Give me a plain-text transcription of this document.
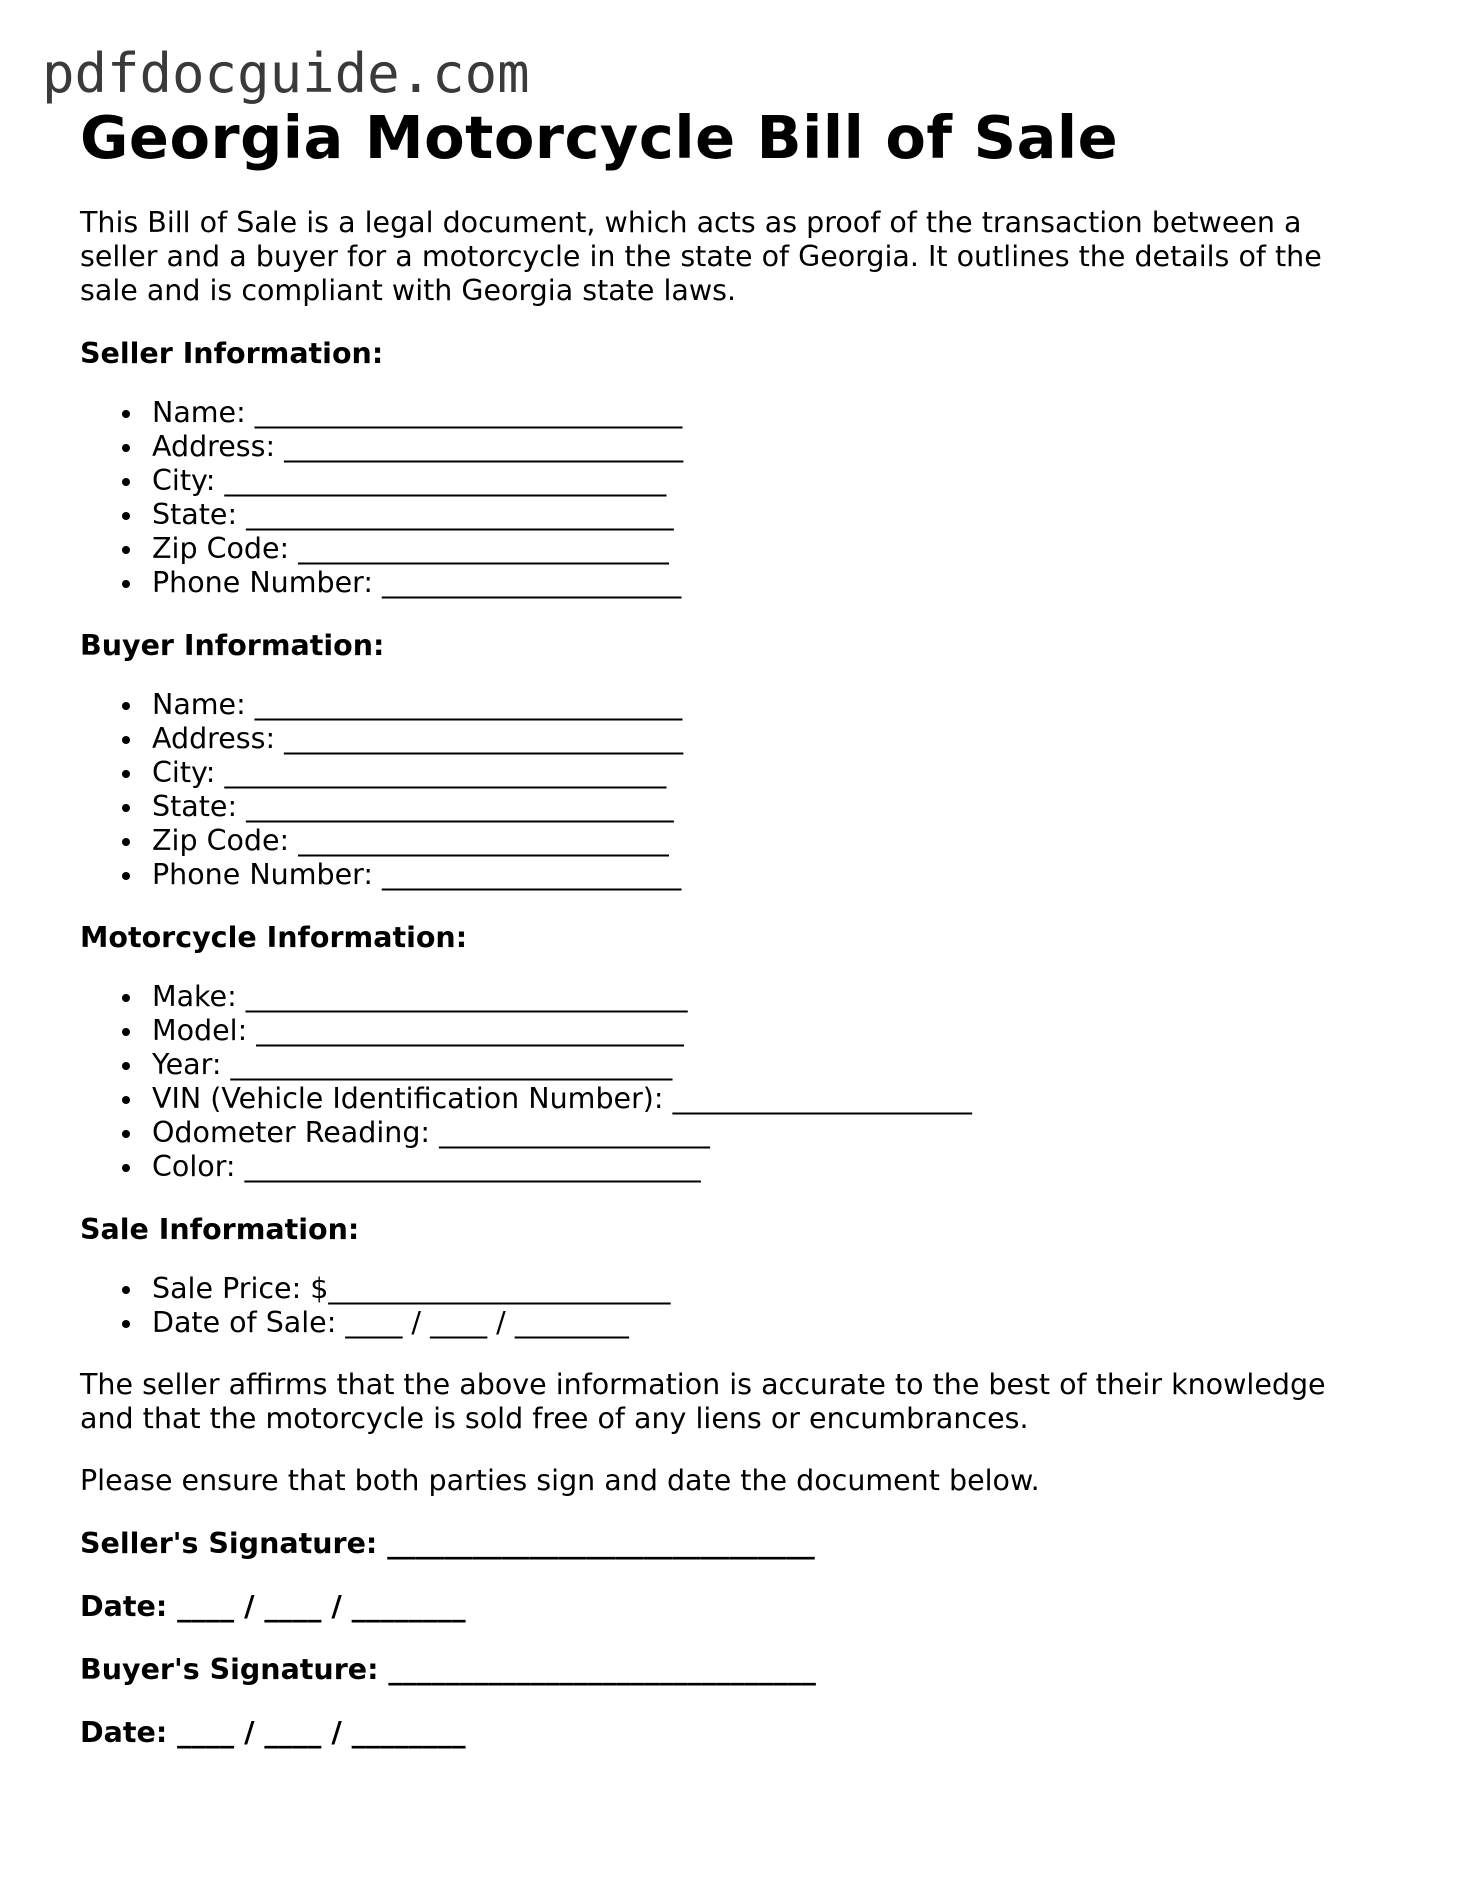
pdfdocguide.com
Georgia Motorcycle Bill of Sale

This Bill of Sale is a legal document, which acts as proof of the transaction between a seller and a buyer for a motorcycle in the state of Georgia. It outlines the details of the sale and is compliant with Georgia state laws.

Seller Information:
Name: ______________________________
Address: ____________________________
City: _______________________________
State: ______________________________
Zip Code: __________________________
Phone Number: _____________________
Buyer Information:
Name: ______________________________
Address: ____________________________
City: _______________________________
State: ______________________________
Zip Code: __________________________
Phone Number: _____________________
Motorcycle Information:
Make: _______________________________
Model: ______________________________
Year: _______________________________
VIN (Vehicle Identification Number): _____________________
Odometer Reading: ___________________
Color: ________________________________
Sale Information:
Sale Price: $________________________
Date of Sale: ____ / ____ / ________

The seller affirms that the above information is accurate to the best of their knowledge and that the motorcycle is sold free of any liens or encumbrances.

Please ensure that both parties sign and date the document below.

Seller's Signature: ______________________________
Date: ____ / ____ / ________
Buyer's Signature: ______________________________
Date: ____ / ____ / ________
